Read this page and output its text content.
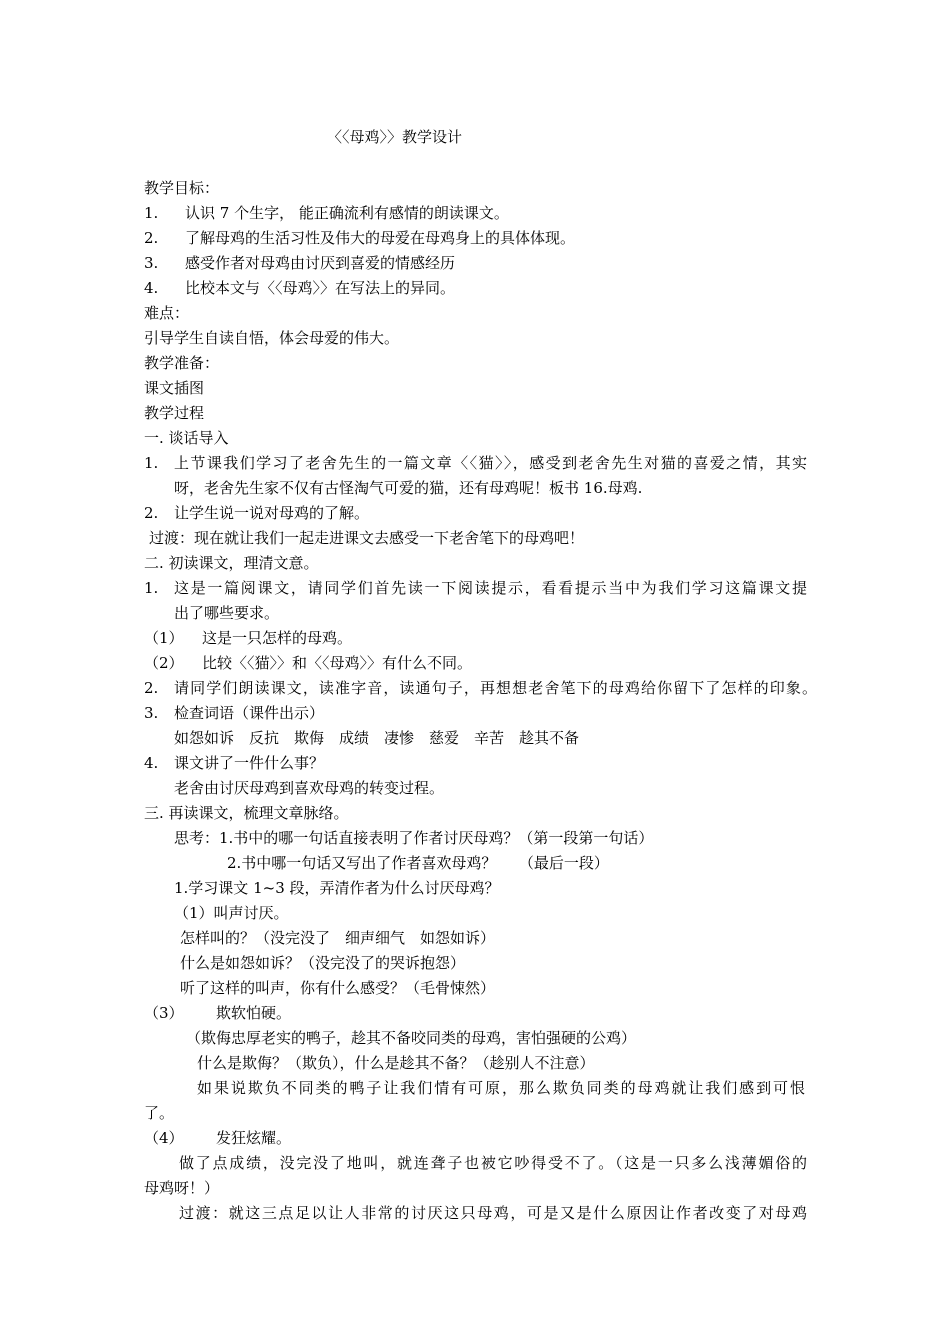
〈〈母鸡〉〉教学设计

教学目标：

1. 认识 7 个生字， 能正确流利有感情的朗读课文。

2. 了解母鸡的生活习性及伟大的母爱在母鸡身上的具体体现。

3. 感受作者对母鸡由讨厌到喜爱的情感经历

4. 比校本文与〈〈母鸡〉〉在写法上的异同。

难点：

引导学生自读自悟，体会母爱的伟大。

教学准备：

课文插图

教学过程

一. 谈话导入

1. 上节课我们学习了老舍先生的一篇文章〈〈猫〉〉，感受到老舍先生对猫的喜爱之情，其实

呀，老舍先生家不仅有古怪淘气可爱的猫，还有母鸡呢！板书 16.母鸡.

2. 让学生说一说对母鸡的了解。

过渡：现在就让我们一起走进课文去感受一下老舍笔下的母鸡吧！

二. 初读课文，理清文意。

1. 这是一篇阅课文，请同学们首先读一下阅读提示，看看提示当中为我们学习这篇课文提

出了哪些要求。

（1） 这是一只怎样的母鸡。

（2） 比较〈〈猫〉〉和〈〈母鸡〉〉有什么不同。

2. 请同学们朗读课文，读准字音，读通句子，再想想老舍笔下的母鸡给你留下了怎样的印象。

3. 检查词语（课件出示）

如怨如诉　反抗　欺侮　成绩　凄惨　慈爱　辛苦　趁其不备

4. 课文讲了一件什么事？

老舍由讨厌母鸡到喜欢母鸡的转变过程。

三. 再读课文，梳理文章脉络。

思考：1.书中的哪一句话直接表明了作者讨厌母鸡？（第一段第一句话）

2.书中哪一句话又写出了作者喜欢母鸡？　　（最后一段）

1.学习课文 1~3 段，弄清作者为什么讨厌母鸡？

（1）叫声讨厌。

怎样叫的？（没完没了　细声细气　如怨如诉）

什么是如怨如诉？（没完没了的哭诉抱怨）

听了这样的叫声，你有什么感受？（毛骨悚然）

（3） 欺软怕硬。

（欺侮忠厚老实的鸭子，趁其不备咬同类的母鸡，害怕强硬的公鸡）

什么是欺侮？（欺负），什么是趁其不备？（趁别人不注意）

如果说欺负不同类的鸭子让我们情有可原，那么欺负同类的母鸡就让我们感到可恨

了。

（4） 发狂炫耀。

做了点成绩，没完没了地叫，就连聋子也被它吵得受不了。（这是一只多么浅薄媚俗的

母鸡呀！）

过渡：就这三点足以让人非常的讨厌这只母鸡，可是又是什么原因让作者改变了对母鸡
